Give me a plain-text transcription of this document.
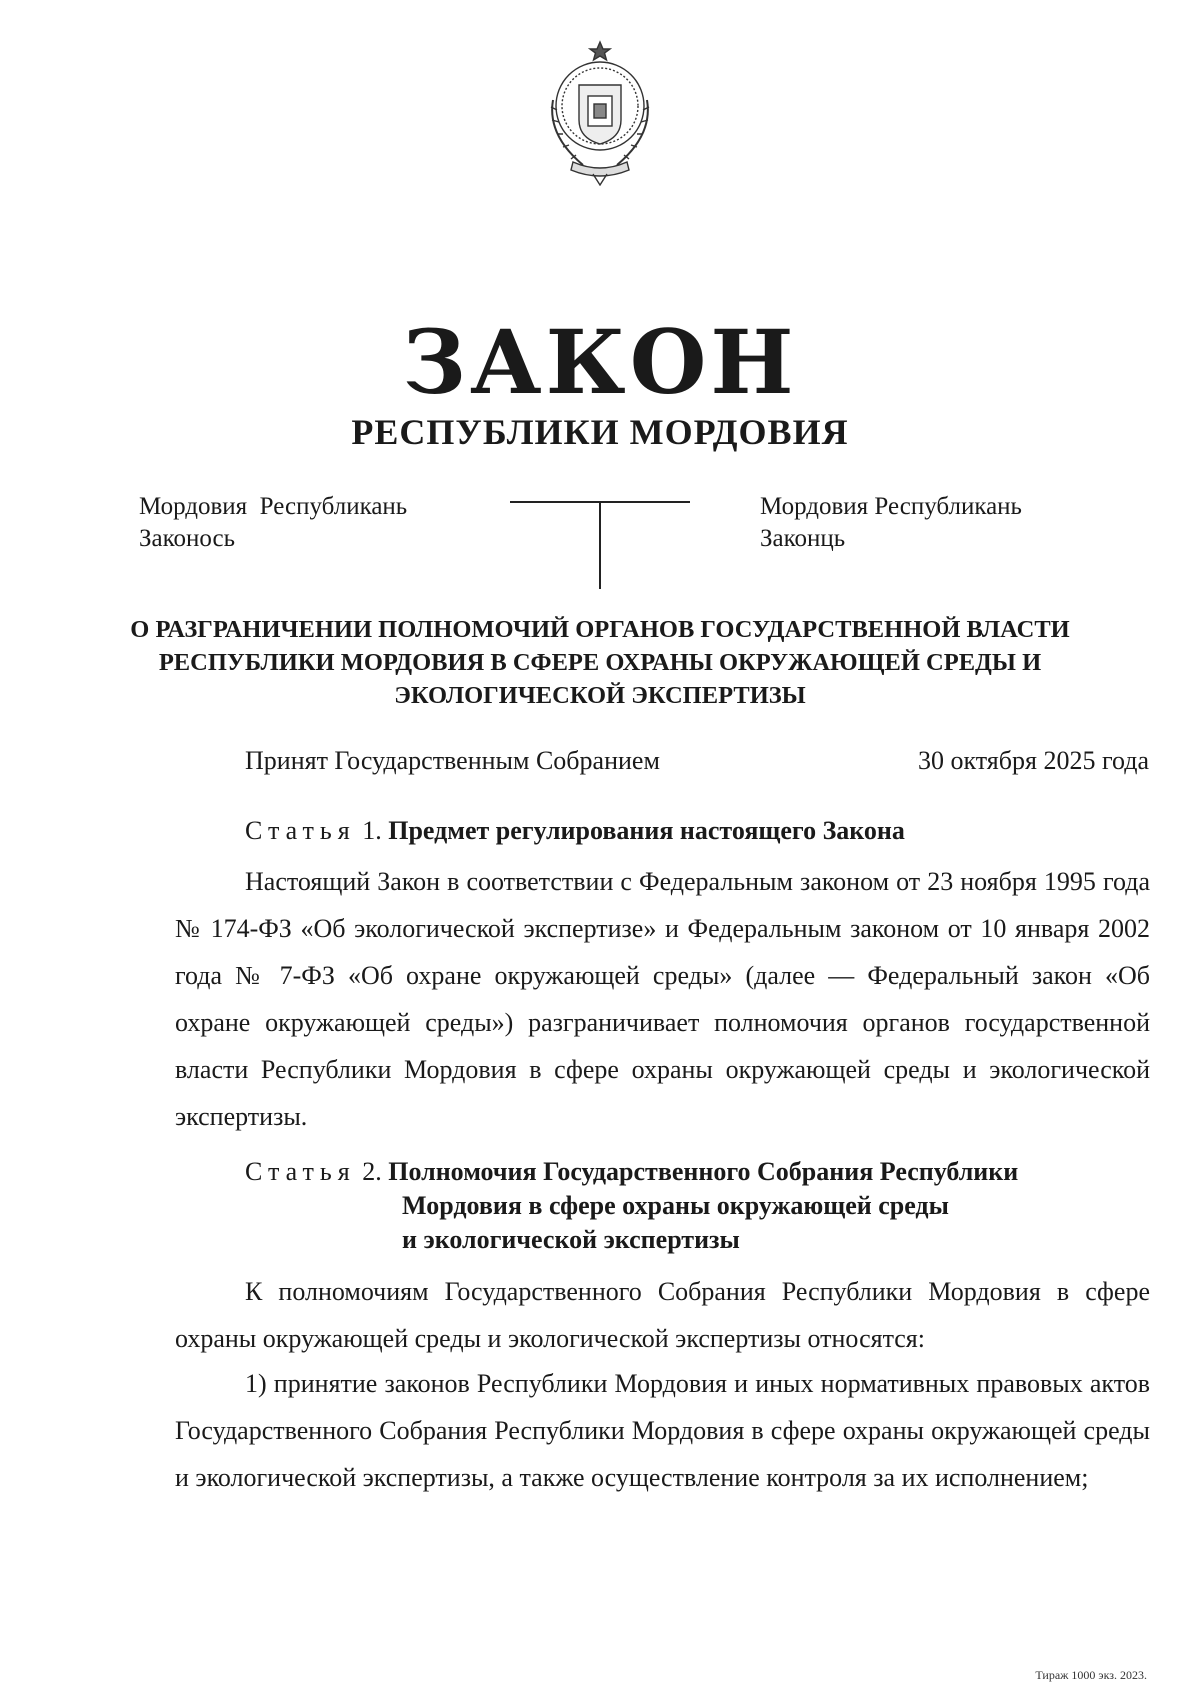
ЗАКОН
РЕСПУБЛИКИ МОРДОВИЯ
Мордовия  Республикань
Законось
Мордовия Республикань
Законць
О РАЗГРАНИЧЕНИИ ПОЛНОМОЧИЙ ОРГАНОВ ГОСУДАРСТВЕННОЙ ВЛАСТИ
РЕСПУБЛИКИ МОРДОВИЯ В СФЕРЕ ОХРАНЫ ОКРУЖАЮЩЕЙ СРЕДЫ И
ЭКОЛОГИЧЕСКОЙ ЭКСПЕРТИЗЫ
Принят Государственным Собранием	30 октября 2025 года
Статья 1. Предмет регулирования настоящего Закона

Настоящий Закон в соответствии с Федеральным законом от 23 ноября 1995 года № 174-ФЗ «Об экологической экспертизе» и Федеральным законом от 10 января 2002 года № 7-ФЗ «Об охране окружающей среды» (далее — Федеральный закон «Об охране окружающей среды») разграничивает полномочия органов государственной власти Республики Мордовия в сфере охраны окружающей среды и экологической экспертизы.

Статья 2. Полномочия Государственного Собрания Республики
Мордовия в сфере охраны окружающей среды
и экологической экспертизы

К полномочиям Государственного Собрания Республики Мордовия в сфере охраны окружающей среды и экологической экспертизы относятся:

1) принятие законов Республики Мордовия и иных нормативных правовых актов Государственного Собрания Республики Мордовия в сфере охраны окружающей среды и экологической экспертизы, а также осуществление контроля за их исполнением;

Тираж 1000 экз. 2023.
